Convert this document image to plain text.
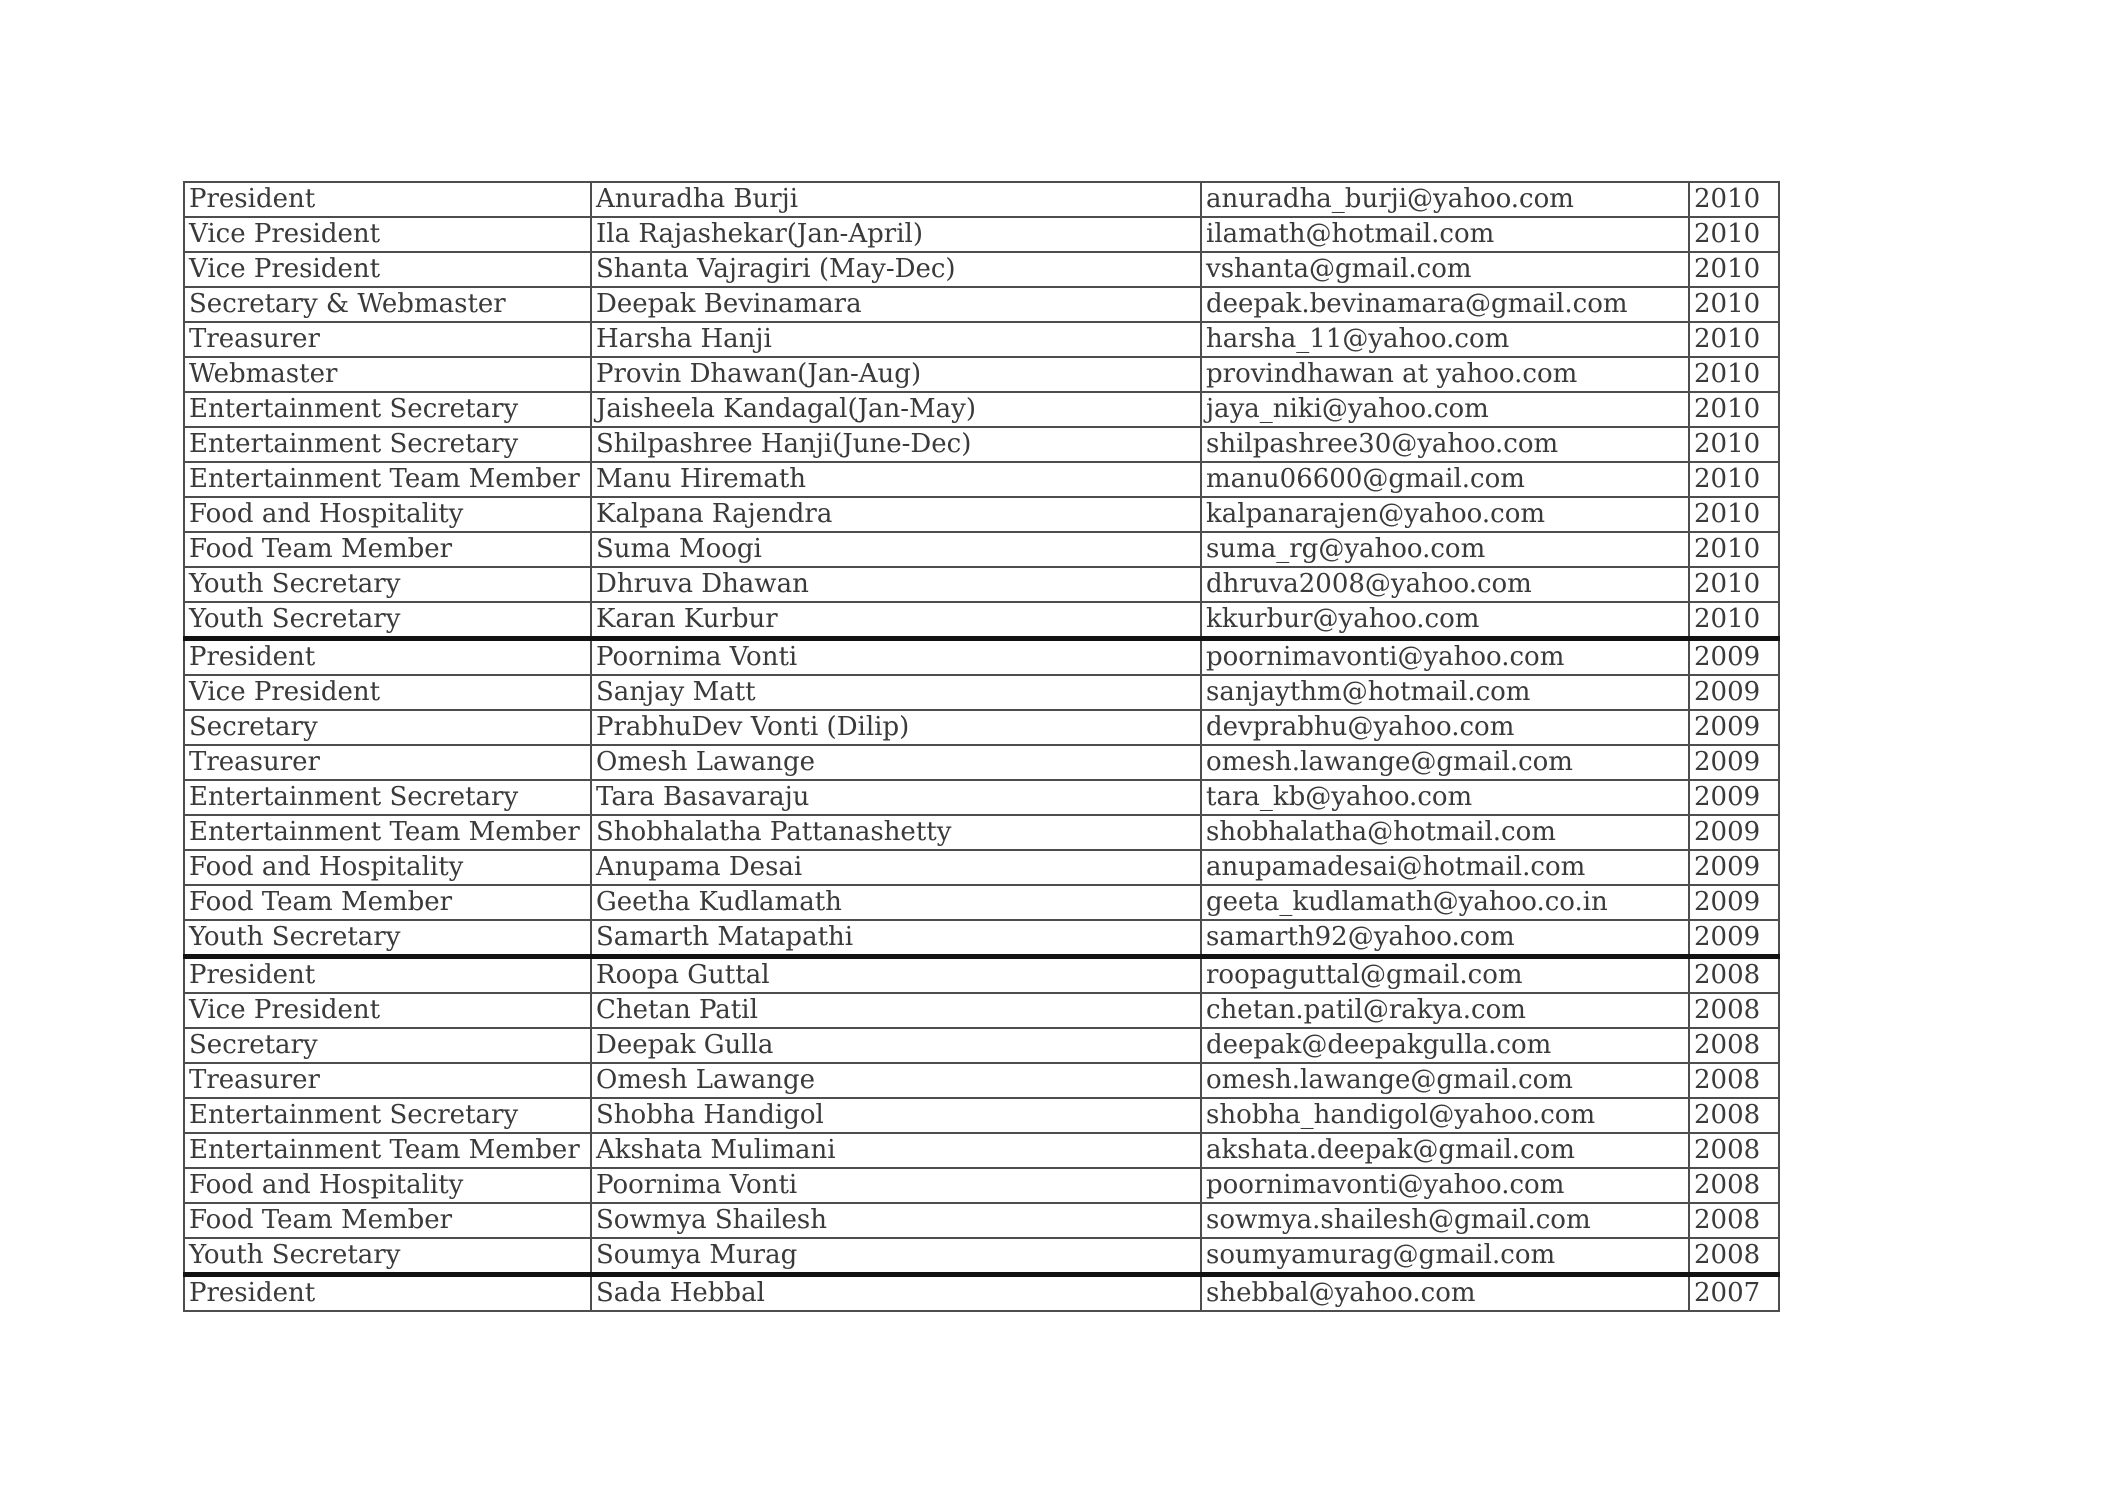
President	Anuradha Burji	anuradha_burji@yahoo.com	2010
Vice President	Ila Rajashekar(Jan-April)	ilamath@hotmail.com	2010
Vice President	Shanta Vajragiri (May-Dec)	vshanta@gmail.com	2010
Secretary & Webmaster	Deepak Bevinamara	deepak.bevinamara@gmail.com	2010
Treasurer	Harsha Hanji	harsha_11@yahoo.com	2010
Webmaster	Provin Dhawan(Jan-Aug)	provindhawan at yahoo.com	2010
Entertainment Secretary	Jaisheela Kandagal(Jan-May)	jaya_niki@yahoo.com	2010
Entertainment Secretary	Shilpashree Hanji(June-Dec)	shilpashree30@yahoo.com	2010
Entertainment Team Member	Manu Hiremath	manu06600@gmail.com	2010
Food and Hospitality	Kalpana Rajendra	kalpanarajen@yahoo.com	2010
Food Team Member	Suma Moogi	suma_rg@yahoo.com	2010
Youth Secretary	Dhruva Dhawan	dhruva2008@yahoo.com	2010
Youth Secretary	Karan Kurbur	kkurbur@yahoo.com	2010
President	Poornima Vonti	poornimavonti@yahoo.com	2009
Vice President	Sanjay Matt	sanjaythm@hotmail.com	2009
Secretary	PrabhuDev Vonti (Dilip)	devprabhu@yahoo.com	2009
Treasurer	Omesh Lawange	omesh.lawange@gmail.com	2009
Entertainment Secretary	Tara Basavaraju	tara_kb@yahoo.com	2009
Entertainment Team Member	Shobhalatha Pattanashetty	shobhalatha@hotmail.com	2009
Food and Hospitality	Anupama Desai	anupamadesai@hotmail.com	2009
Food Team Member	Geetha Kudlamath	geeta_kudlamath@yahoo.co.in	2009
Youth Secretary	Samarth Matapathi	samarth92@yahoo.com	2009
President	Roopa Guttal	roopaguttal@gmail.com	2008
Vice President	Chetan Patil	chetan.patil@rakya.com	2008
Secretary	Deepak Gulla	deepak@deepakgulla.com	2008
Treasurer	Omesh Lawange	omesh.lawange@gmail.com	2008
Entertainment Secretary	Shobha Handigol	shobha_handigol@yahoo.com	2008
Entertainment Team Member	Akshata Mulimani	akshata.deepak@gmail.com	2008
Food and Hospitality	Poornima Vonti	poornimavonti@yahoo.com	2008
Food Team Member	Sowmya Shailesh	sowmya.shailesh@gmail.com	2008
Youth Secretary	Soumya Murag	soumyamurag@gmail.com	2008
President	Sada Hebbal	shebbal@yahoo.com	2007
